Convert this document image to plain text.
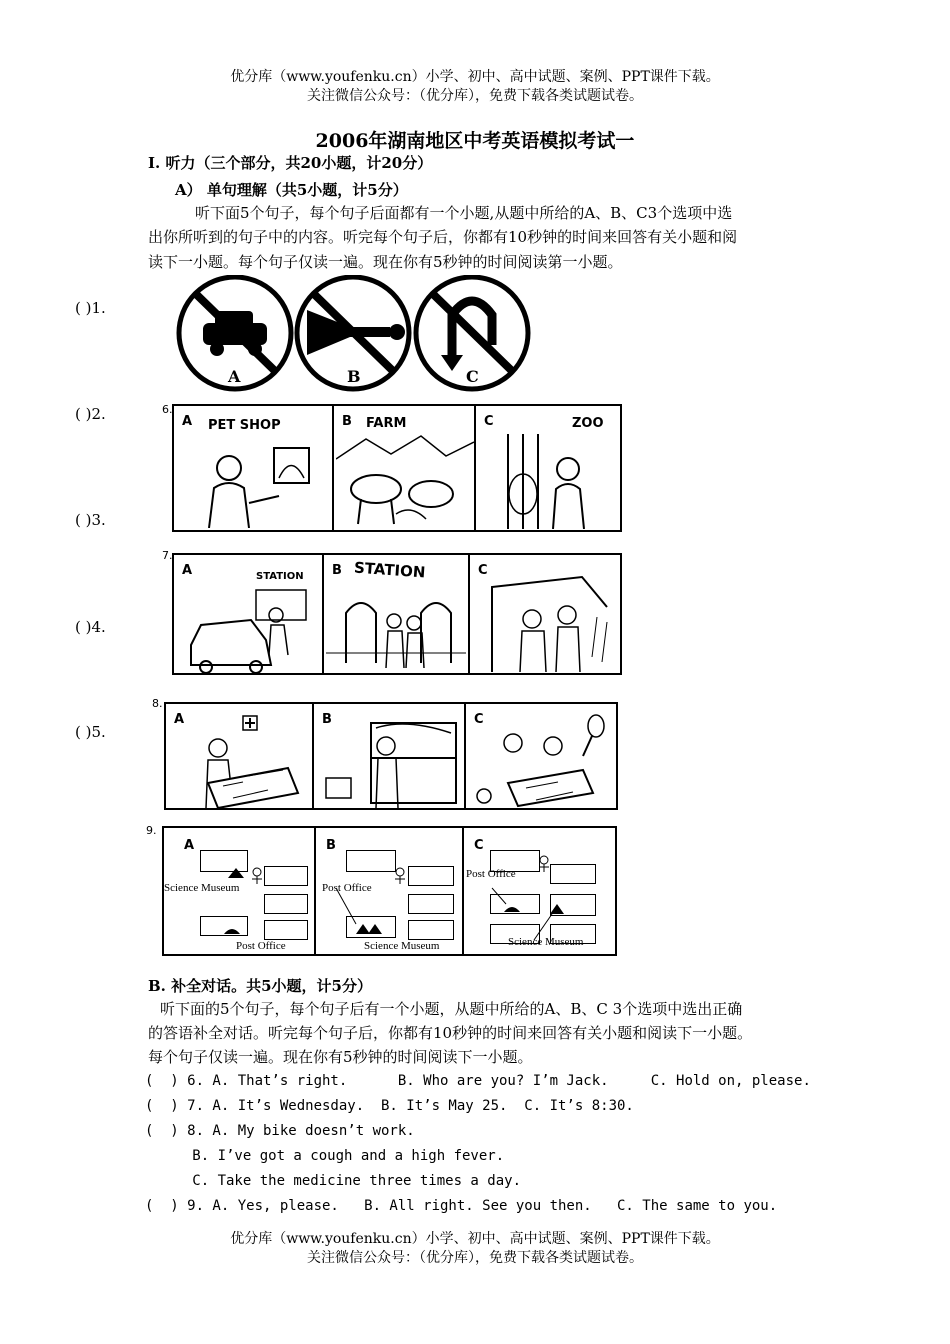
优分库（www.youfenku.cn）小学、初中、高中试题、案例、PPT课件下载。
关注微信公众号：（优分库），免费下载各类试题试卷。
2006年湖南地区中考英语模拟考试一
Ⅰ. 听力（三个部分，共20小题，计20分）
A） 单句理解（共5小题，计5分）
听下面5个句子，每个句子后面都有一个小题,从题中所给的A、B、C3个选项中选
出你所听到的句子中的内容。听完每个句子后，你都有10秒钟的时间来回答有关小题和阅
读下一小题。每个句子仅读一遍。现在你有5秒钟的时间阅读第一小题。
( )1.
( )2.
( )3.
( )4.
( )5.
A	B	C
6.
A PET SHOP	B FARM	C	ZOO
7.
A	STATION B STATION	C
8.
A	B	C
9.
A
Science Museum
Post Office
B
Post Office
Science Museum
C
Post Office
Science Museum
B. 补全对话。共5小题，计5分）
听下面的5个句子，每个句子后有一个小题，从题中所给的A、B、C 3个选项中选出正确
的答语补全对话。听完每个句子后，你都有10秒钟的时间来回答有关小题和阅读下一小题。
每个句子仅读一遍。现在你有5秒钟的时间阅读下一小题。
(  ) 6. A. That’s right.      B. Who are you? I’m Jack.     C. Hold on, please.
(  ) 7. A. It’s Wednesday.  B. It’s May 25.  C. It’s 8:30.
(  ) 8. A. My bike doesn’t work.
B. I’ve got a cough and a high fever.
C. Take the medicine three times a day.
(  ) 9. A. Yes, please.   B. All right. See you then.   C. The same to you.
优分库（www.youfenku.cn）小学、初中、高中试题、案例、PPT课件下载。
关注微信公众号：（优分库），免费下载各类试题试卷。
